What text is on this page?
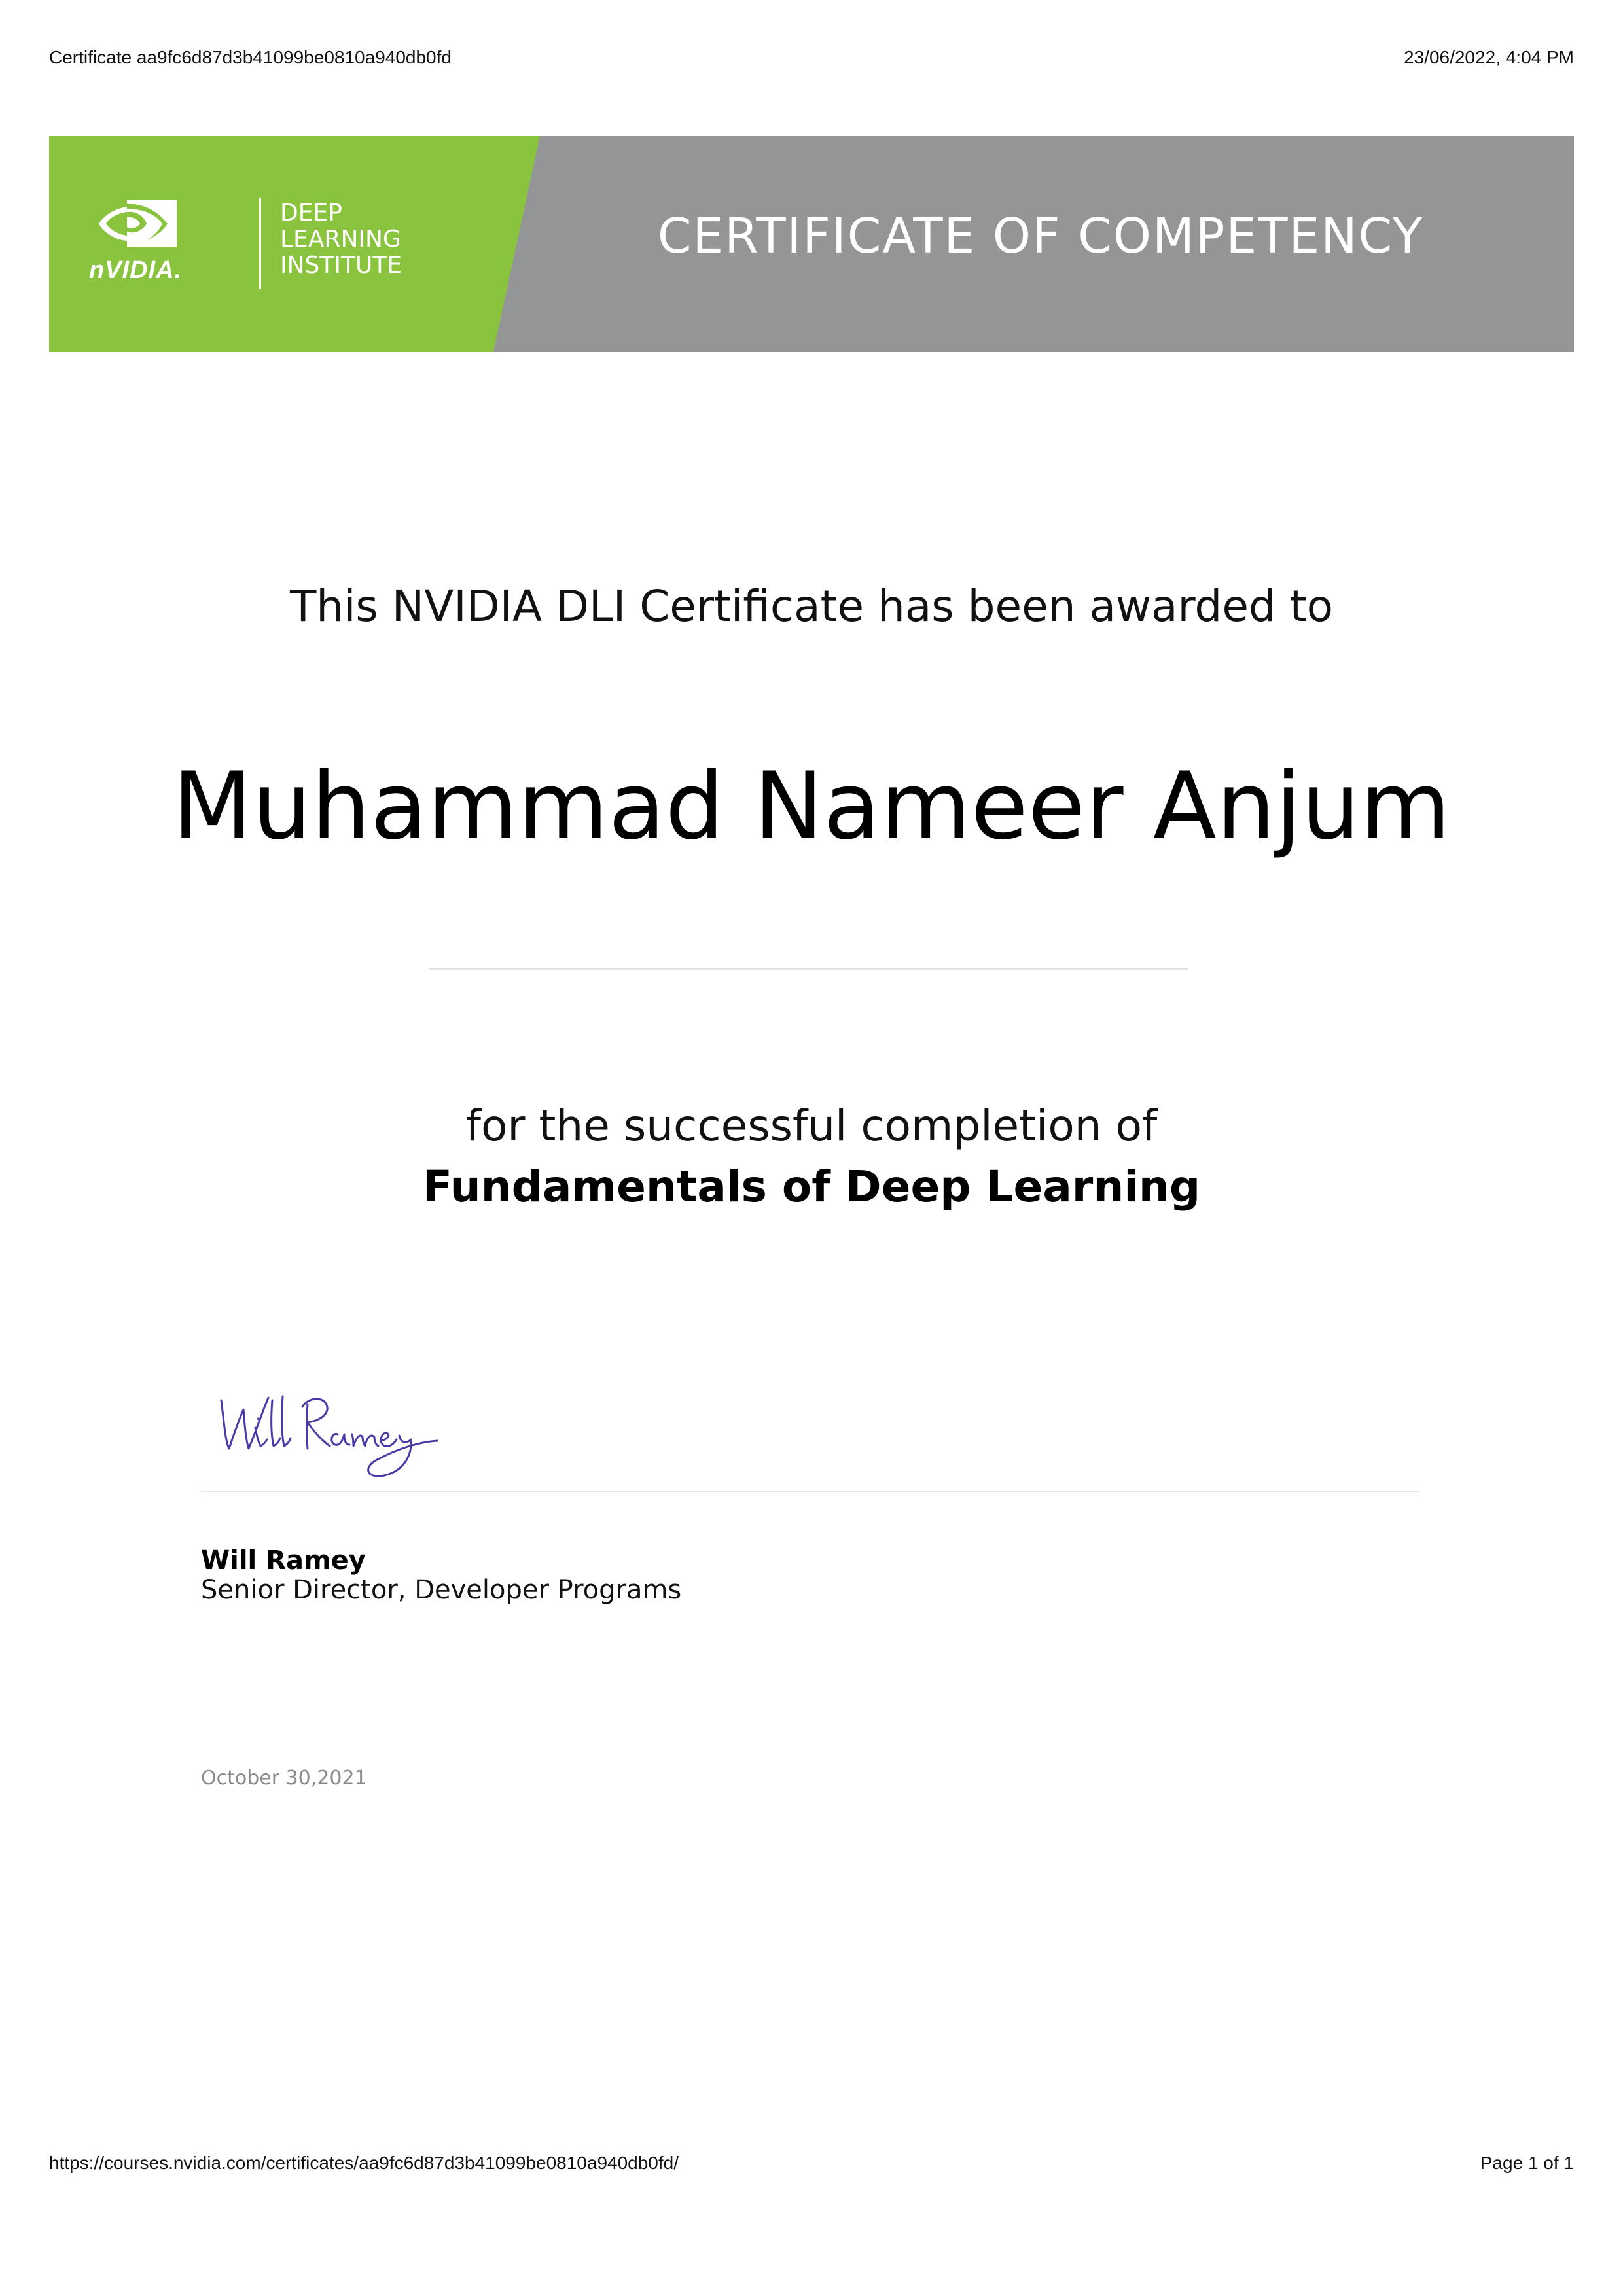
Certificate aa9fc6d87d3b41099be0810a940db0fd	23/06/2022, 4:04 PM
nVIDIA.
DEEP
LEARNING
INSTITUTE
CERTIFICATE OF COMPETENCY
This NVIDIA DLI Certificate has been awarded to
Muhammad Nameer Anjum
for the successful completion of
Fundamentals of Deep Learning
Will Ramey
Senior Director, Developer Programs
October 30,2021
https://courses.nvidia.com/certificates/aa9fc6d87d3b41099be0810a940db0fd/	Page 1 of 1
